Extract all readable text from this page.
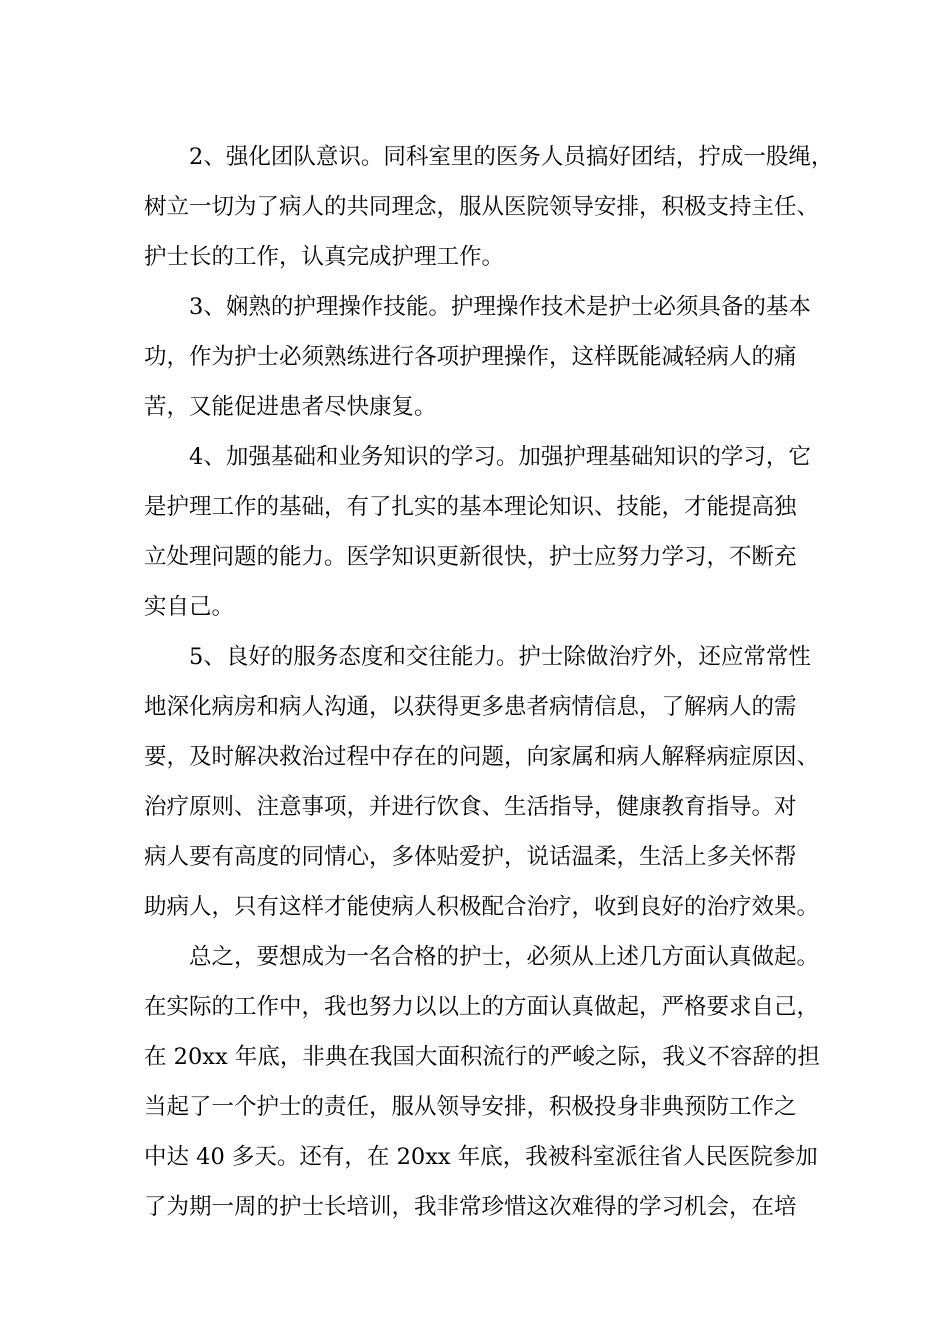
2、强化团队意识。同科室里的医务人员搞好团结，拧成一股绳，
树立一切为了病人的共同理念，服从医院领导安排，积极支持主任、
护士长的工作，认真完成护理工作。
3、娴熟的护理操作技能。护理操作技术是护士必须具备的基本
功，作为护士必须熟练进行各项护理操作，这样既能减轻病人的痛
苦，又能促进患者尽快康复。
4、加强基础和业务知识的学习。加强护理基础知识的学习，它
是护理工作的基础，有了扎实的基本理论知识、技能，才能提高独
立处理问题的能力。医学知识更新很快，护士应努力学习，不断充
实自己。
5、良好的服务态度和交往能力。护士除做治疗外，还应常常性
地深化病房和病人沟通，以获得更多患者病情信息，了解病人的需
要，及时解决救治过程中存在的问题，向家属和病人解释病症原因、
治疗原则、注意事项，并进行饮食、生活指导，健康教育指导。对
病人要有高度的同情心，多体贴爱护，说话温柔，生活上多关怀帮
助病人，只有这样才能使病人积极配合治疗，收到良好的治疗效果。
总之，要想成为一名合格的护士，必须从上述几方面认真做起。
在实际的工作中，我也努力以以上的方面认真做起，严格要求自己，
在 20xx 年底，非典在我国大面积流行的严峻之际，我义不容辞的担
当起了一个护士的责任，服从领导安排，积极投身非典预防工作之
中达 40 多天。还有，在 20xx 年底，我被科室派往省人民医院参加
了为期一周的护士长培训，我非常珍惜这次难得的学习机会，在培
